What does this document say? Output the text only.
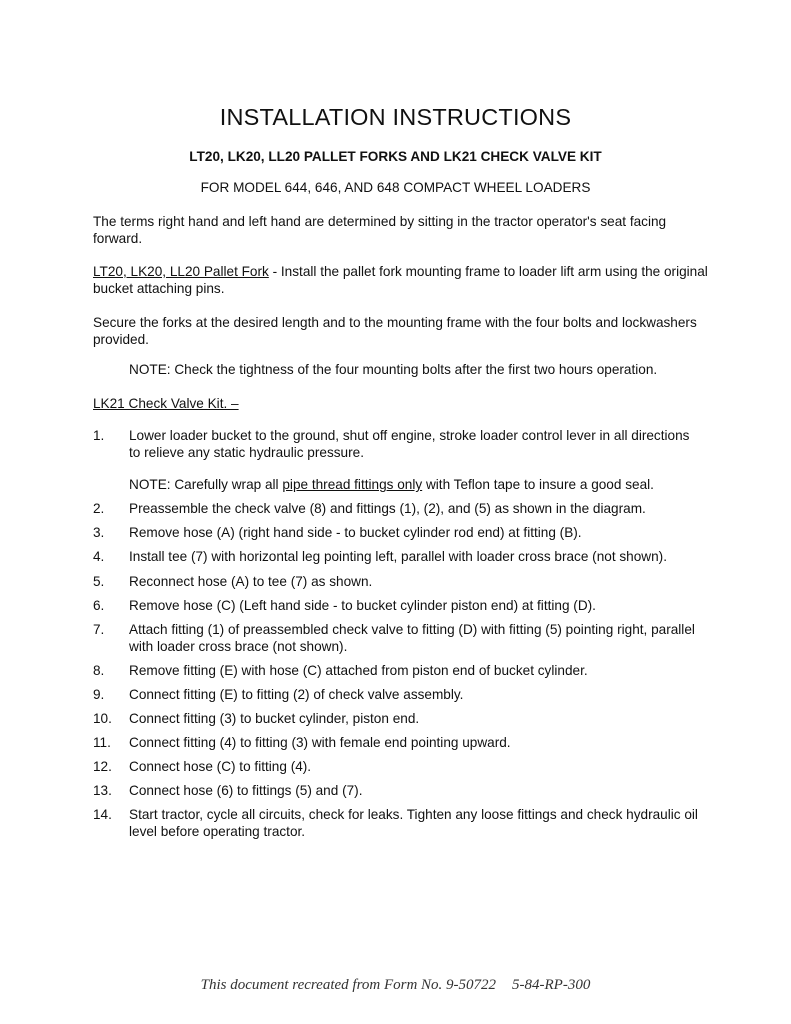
INSTALLATION INSTRUCTIONS
LT20, LK20, LL20 PALLET FORKS AND LK21 CHECK VALVE KIT
FOR MODEL 644, 646, AND 648 COMPACT WHEEL LOADERS
The terms right hand and left hand are determined by sitting in the tractor operator's seat facing forward.
LT20, LK20, LL20 Pallet Fork - Install the pallet fork mounting frame to loader lift arm using the original bucket attaching pins.
Secure the forks at the desired length and to the mounting frame with the four bolts and lockwashers provided.
NOTE: Check the tightness of the four mounting bolts after the first two hours operation.
LK21 Check Valve Kit. –
1. Lower loader bucket to the ground, shut off engine, stroke loader control lever in all directions to relieve any static hydraulic pressure.
2. Preassemble the check valve (8) and fittings (1), (2), and (5) as shown in the diagram.
3. Remove hose (A) (right hand side - to bucket cylinder rod end) at fitting (B).
4. Install tee (7) with horizontal leg pointing left, parallel with loader cross brace (not shown).
5. Reconnect hose (A) to tee (7) as shown.
6. Remove hose (C) (Left hand side - to bucket cylinder piston end) at fitting (D).
7. Attach fitting (1) of preassembled check valve to fitting (D) with fitting (5) pointing right, parallel with loader cross brace (not shown).
8. Remove fitting (E) with hose (C) attached from piston end of bucket cylinder.
9. Connect fitting (E) to fitting (2) of check valve assembly.
10. Connect fitting (3) to bucket cylinder, piston end.
11. Connect fitting (4) to fitting (3) with female end pointing upward.
12. Connect hose (C) to fitting (4).
13. Connect hose (6) to fittings (5) and (7).
14. Start tractor, cycle all circuits, check for leaks. Tighten any loose fittings and check hydraulic oil level before operating tractor.
NOTE: Carefully wrap all pipe thread fittings only with Teflon tape to insure a good seal.
This document recreated from Form No. 9-50722 5-84-RP-300
